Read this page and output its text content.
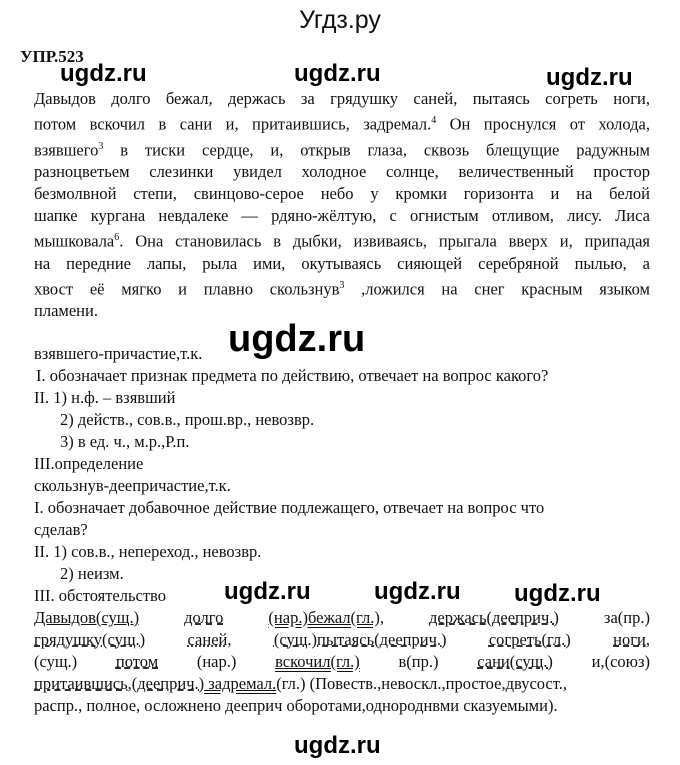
Угдз.ру
УПР.523
ugdz.ru	ugdz.ru	ugdz.ru
ugdz.ru
ugdz.ru	ugdz.ru ugdz.ru
ugdz.ru
Давыдов долго бежал, держась за грядушку саней, пытаясь согреть ноги,
потом вскочил в сани и, притаившись, задремал.$^4$ Он проснулся от холода,
взявшего$^3$ в тиски сердце, и, открыв глаза, сквозь блещущие радужным
разноцветьем слезинки увидел холодное солнце, величественный простор
безмолвной степи, свинцово-серое небо у кромки горизонта и на белой
шапке кургана невдалеке — рдяно-жёлтую, с огнистым отливом, лису. Лиса
мышковала$^6$. Она становилась в дыбки, извиваясь, прыгала вверх и, припадая
на передние лапы, рыла ими, окутываясь сияющей серебряной пылью, а
хвост её мягко и плавно скользнув$^3$ ,ложился на снег красным языком
пламени.
взявшего-причастие,т.к.
I. обозначает признак предмета по действию, отвечает на вопрос какого?
II. 1) н.ф. – взявший
2) действ., сов.в., прош.вр., невозвр.
3) в ед. ч., м.р.,Р.п.
III.определение
скользнув-деепричастие,т.к.
I. обозначает добавочное действие подлежащего, отвечает на вопрос что
сделав?
II. 1) сов.в., непереход., невозвр.
2) неизм.
III. обстоятельство
Давыдов(сущ.)	долго	(нар.)бежал(гл.),	держась(дееприч.)	за(пр.)
грядушку(сущ.)	саней,	(сущ.)пытаясь(дееприч.)	согреть(гл.)	ноги,
(сущ.) потом (нар.) вскочил(гл.) в(пр.) сани(сущ.) и,(союз)
притаившись,(дееприч.) задремал.(гл.) (Повеств.,невоскл.,простое,двусост.,
распр., полное, осложнено дееприч оборотами,однороднвми сказуемыми).
